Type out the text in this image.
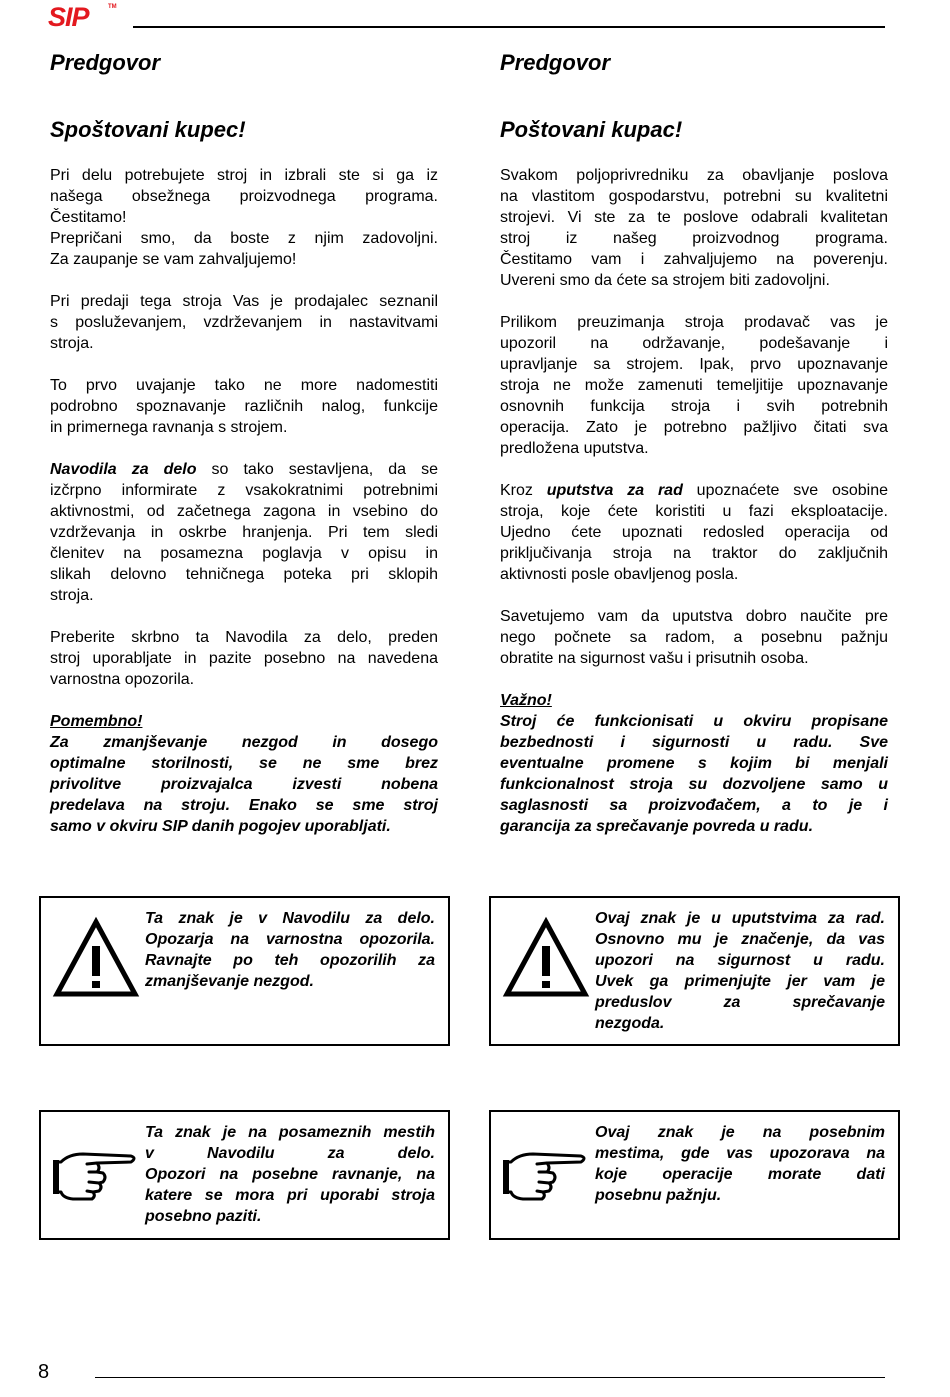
SIP	TM
Predgovor
Spoštovani kupec!

Pri delu potrebujete stroj in izbrali ste si ga iz
našega obsežnega proizvodnega programa.
Čestitamo!
Prepričani smo, da boste z njim zadovoljni.
Za zaupanje se vam zahvaljujemo!

Pri predaji tega stroja Vas je prodajalec seznanil
s posluževanjem, vzdrževanjem in nastavitvami
stroja.

To prvo uvajanje tako ne more nadomestiti
podrobno spoznavanje različnih nalog, funkcije
in primernega ravnanja s strojem.

Navodila za delo so tako sestavljena, da se
izčrpno informirate z vsakokratnimi potrebnimi
aktivnostmi, od začetnega zagona in vsebino do
vzdrževanja in oskrbe hranjenja. Pri tem sledi
členitev na posamezna poglavja v opisu in
slikah delovno tehničnega poteka pri sklopih
stroja.

Preberite skrbno ta Navodila za delo, preden
stroj uporabljate in pazite posebno na navedena
varnostna opozorila.

Pomembno!
Za zmanjševanje nezgod in dosego
optimalne storilnosti, se ne sme brez
privolitve proizvajalca izvesti nobena
predelava na stroju. Enako se sme stroj
samo v okviru SIP danih pogojev uporabljati.

Predgovor
Poštovani kupac!

Svakom poljoprivredniku za obavljanje poslova
na vlastitom gospodarstvu, potrebni su kvalitetni
strojevi. Vi ste za te poslove odabrali kvalitetan
stroj iz našeg proizvodnog programa.
Čestitamo vam i zahvaljujemo na poverenju.
Uvereni smo da ćete sa strojem biti zadovoljni.

Prilikom preuzimanja stroja prodavač vas je
upozoril na održavanje, podešavanje i
upravljanje sa strojem. Ipak, prvo upoznavanje
stroja ne može zamenuti temeljitije upoznavanje
osnovnih funkcija stroja i svih potrebnih
operacija. Zato je potrebno pažljivo čitati sva
predložena uputstva.

Kroz uputstva za rad upoznaćete sve osobine
stroja, koje ćete koristiti u fazi eksploatacije.
Ujedno ćete upoznati redosled operacija od
priključivanja stroja na traktor do zaključnih
aktivnosti posle obavljenog posla.

Savetujemo vam da uputstva dobro naučite pre
nego počnete sa radom, a posebnu pažnju
obratite na sigurnost vašu i prisutnih osoba.

Važno!
Stroj će funkcionisati u okviru propisane
bezbednosti i sigurnosti u radu. Sve
eventualne promene s kojim bi menjali
funkcionalnost stroja su dozvoljene samo u
saglasnosti sa proizvođačem, a to je i
garancija za sprečavanje povreda u radu.

Ta znak je v Navodilu za delo.
Opozarja na varnostna opozorila.
Ravnajte po teh opozorilih za
zmanjševanje nezgod.
Ovaj znak je u uputstvima za rad.
Osnovno mu je značenje, da vas
upozori na sigurnost u radu.
Uvek ga primenjujte jer vam je
preduslov za sprečavanje
nezgoda.
Ta znak je na posameznih mestih
v Navodilu za delo.
Opozori na posebne ravnanje, na
katere se mora pri uporabi stroja
posebno paziti.
Ovaj znak je na posebnim
mestima, gde vas upozorava na
koje operacije morate dati
posebnu pažnju.
8
